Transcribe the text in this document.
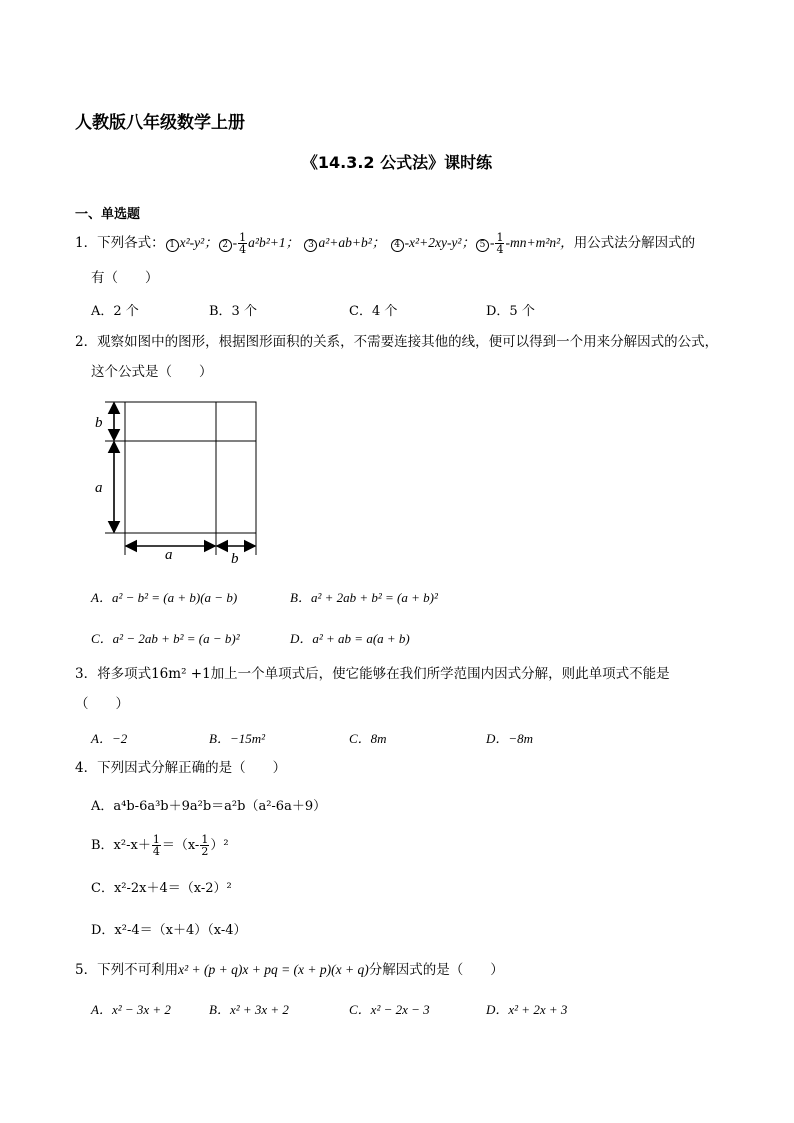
人教版八年级数学上册
《14.3.2 公式法》课时练
一、单选题
1．下列各式： 1 x²-y²； $2 - \frac{1}{4} a^2b^2+1$； 3 a²+ab+b²； 4 -x²+2xy-y²； $5 - \frac{1}{4} -mn+m^2n^2$，用公式法分解因式的
有（　　）
A．2 个	B．3 个	C．4 个	D．5 个
2．观察如图中的图形，根据图形面积的关系，不需要连接其他的线，便可以得到一个用来分解因式的公式，
这个公式是（　　）
b
a
a	b
A．a² − b² = (a + b)(a − b)	B．a² + 2ab + b² = (a + b)²
C．a² − 2ab + b² = (a − b)²	D．a² + ab = a(a + b)
3．将多项式16m² +1加上一个单项式后，使它能够在我们所学范围内因式分解，则此单项式不能是
（　　）
A．−2	B．−15m²	C．8m	D．−8m
4．下列因式分解正确的是（　　）
A．a⁴b-6a³b＋9a²b＝a²b（a²-6a＋9）
B．$x^2-x+ \frac{1}{4} =(x- \frac{1}{2} )^2$
C．x²-2x＋4＝（x-2）²
D．x²-4＝（x＋4）（x-4）
5．下列不可利用x² + (p + q)x + pq = (x + p)(x + q)分解因式的是（　　）
A．x² − 3x + 2	B．x² + 3x + 2	C．x² − 2x − 3	D．x² + 2x + 3
